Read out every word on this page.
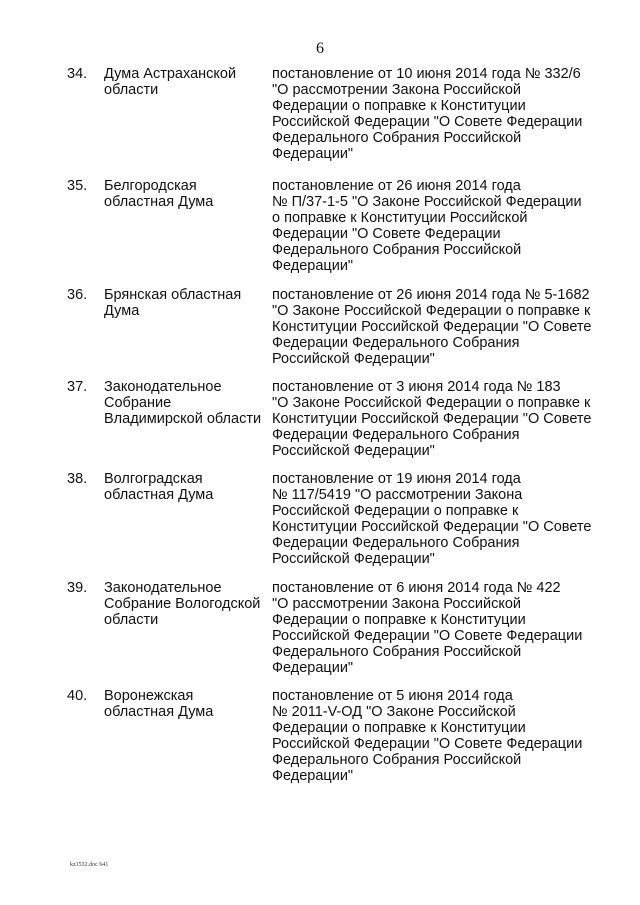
6
34. Дума Астраханской области
постановление от 10 июня 2014 года № 332/6
"О рассмотрении Закона Российской
Федерации о поправке к Конституции
Российской Федерации "О Совете Федерации
Федерального Собрания Российской
Федерации"
35. Белгородская областная Дума
постановление от 26 июня 2014 года
№ П/37-1-5 "О Законе Российской Федерации
о поправке к Конституции Российской
Федерации "О Совете Федерации
Федерального Собрания Российской
Федерации"
36. Брянская областная Дума
постановление от 26 июня 2014 года № 5-1682
"О Законе Российской Федерации о поправке к
Конституции Российской Федерации "О Совете
Федерации Федерального Собрания
Российской Федерации"
37. Законодательное Собрание Владимирской области
постановление от 3 июня 2014 года № 183
"О Законе Российской Федерации о поправке к
Конституции Российской Федерации "О Совете
Федерации Федерального Собрания
Российской Федерации"
38. Волгоградская областная Дума
постановление от 19 июня 2014 года
№ 117/5419 "О рассмотрении Закона
Российской Федерации о поправке к
Конституции Российской Федерации "О Совете
Федерации Федерального Собрания
Российской Федерации"
39. Законодательное Собрание Вологодской области
постановление от 6 июня 2014 года № 422
"О рассмотрении Закона Российской
Федерации о поправке к Конституции
Российской Федерации "О Совете Федерации
Федерального Собрания Российской
Федерации"
40. Воронежская областная Дума
постановление от 5 июня 2014 года
№ 2011-V-ОД "О Законе Российской
Федерации о поправке к Конституции
Российской Федерации "О Совете Федерации
Федерального Собрания Российской
Федерации"
kz1532.doc 641
